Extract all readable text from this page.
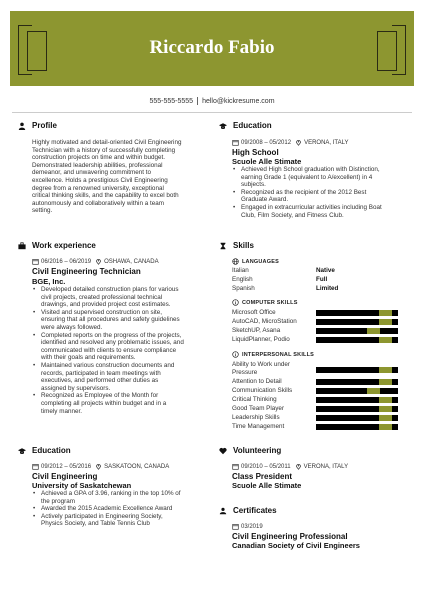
Riccardo Fabio
555-555-5555 hello@kickresume.com
Profile
Highly motivated and detail-oriented Civil Engineering
Technician with a history of successfully completing
construction projects on time and within budget.
Demonstrated leadership abilities, professional
demeanor, and unwavering commitment to
excellence. Holds a prestigious Civil Engineering
degree from a renowned university, exceptional
critical thinking skills, and the capability to excel both
autonomously and collaboratively within a team
setting.
Work experience
06/2016 – 06/2019 OSHAWA, CANADA
Civil Engineering Technician
BGE, Inc.
• Developed detailed construction plans for various
civil projects, created professional technical
drawings, and provided project cost estimates.
• Visited and supervised construction on site,
ensuring that all procedures and safety guidelines
were always followed.
• Completed reports on the progress of the projects,
identified and resolved any problematic issues, and
communicated with clients to ensure compliance
with their goals and requirements.
• Maintained various construction documents and
records, participated in team meetings with
executives, and performed other duties as
assigned by supervisors.
• Recognized as Employee of the Month for
completing all projects within budget and in a
timely manner.
Education
09/2012 – 05/2016 SASKATOON, CANADA
Civil Engineering
University of Saskatchewan
• Achieved a GPA of 3.96, ranking in the top 10% of
the program
• Awarded the 2015 Academic Excellence Award
• Actively participated in Engineering Society,
Physics Society, and Table Tennis Club
Education
09/2008 – 05/2012 VERONA, ITALY
High School
Scuole Alle Stimate
• Achieved High School graduation with Distinction,
earning Grade 1 (equivalent to A/excellent) in 4
subjects.
• Recognized as the recipient of the 2012 Best
Graduate Award.
• Engaged in extracurricular activities including Boat
Club, Film Society, and Fitness Club.
Skills
LANGUAGES
Italian	Native
English	Full
Spanish	Limited
COMPUTER SKILLS
Microsoft Office
AutoCAD, MicroStation
SketchUP, Asana
LiquidPlanner, Podio
INTERPERSONAL SKILLS
Ability to Work under
Pressure
Attention to Detail
Communication Skills
Critical Thinking
Good Team Player
Leadership Skills
Time Management
Volunteering
09/2010 – 05/2011 VERONA, ITALY
Class President
Scuole Alle Stimate
Certificates
03/2019
Civil Engineering Professional
Canadian Society of Civil Engineers
